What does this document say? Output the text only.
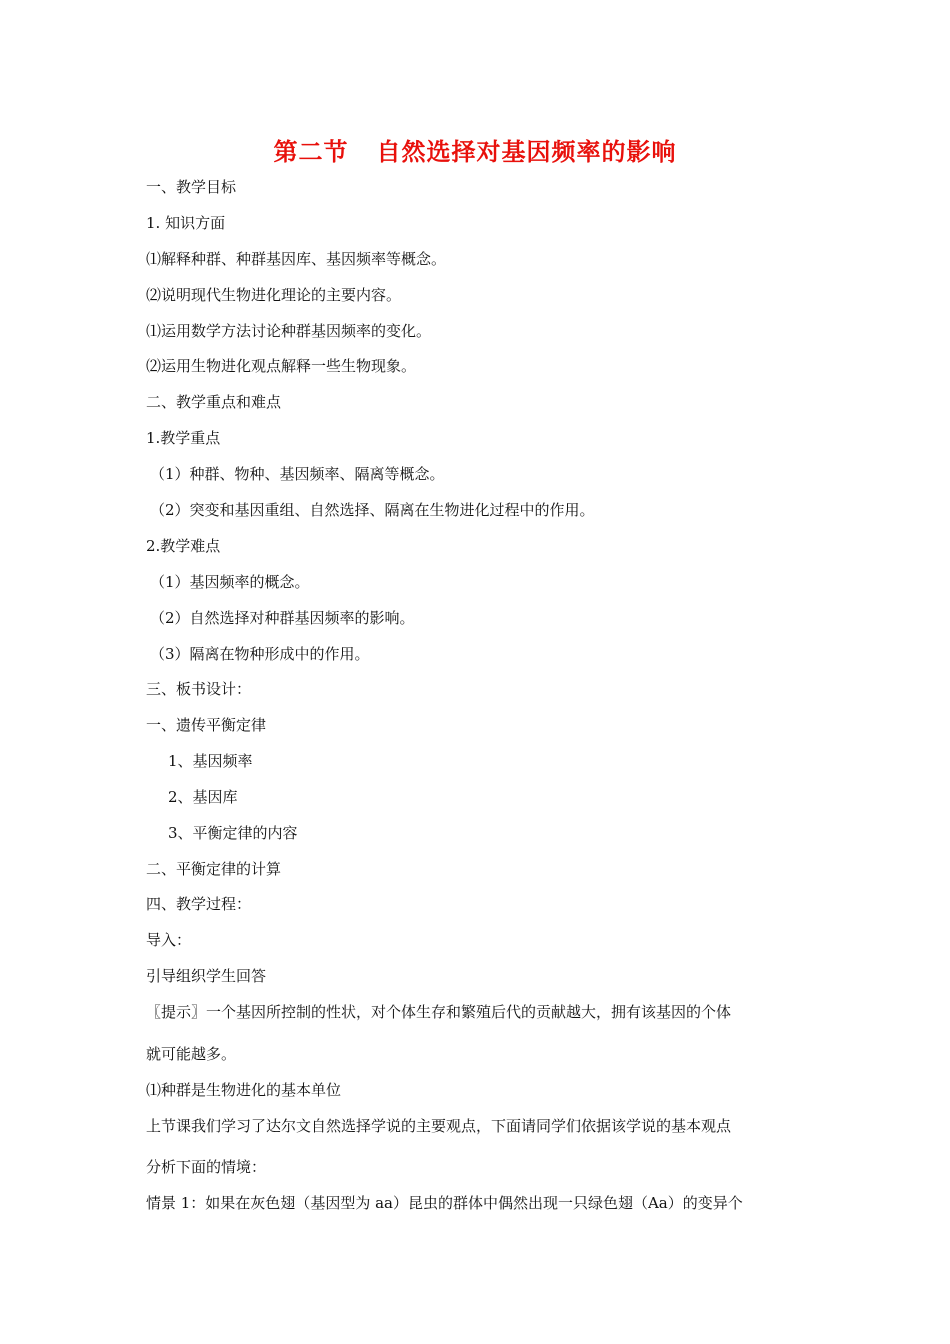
第二节   自然选择对基因频率的影响
一、教学目标
1. 知识方面
⑴解释种群、种群基因库、基因频率等概念。
⑵说明现代生物进化理论的主要内容。
⑴运用数学方法讨论种群基因频率的变化。
⑵运用生物进化观点解释一些生物现象。
二、教学重点和难点
1.教学重点
（1）种群、物种、基因频率、隔离等概念。
（2）突变和基因重组、自然选择、隔离在生物进化过程中的作用。
2.教学难点
（1）基因频率的概念。
（2）自然选择对种群基因频率的影响。
（3）隔离在物种形成中的作用。
三、板书设计：
一、遗传平衡定律
1、基因频率
2、基因库
3、平衡定律的内容
二、平衡定律的计算
四、教学过程：
导入：
引导组织学生回答
〖提示〗一个基因所控制的性状，对个体生存和繁殖后代的贡献越大，拥有该基因的个体
就可能越多。
⑴种群是生物进化的基本单位
上节课我们学习了达尔文自然选择学说的主要观点，下面请同学们依据该学说的基本观点
分析下面的情境：
情景 1：如果在灰色翅（基因型为 aa）昆虫的群体中偶然出现一只绿色翅（Aa）的变异个
